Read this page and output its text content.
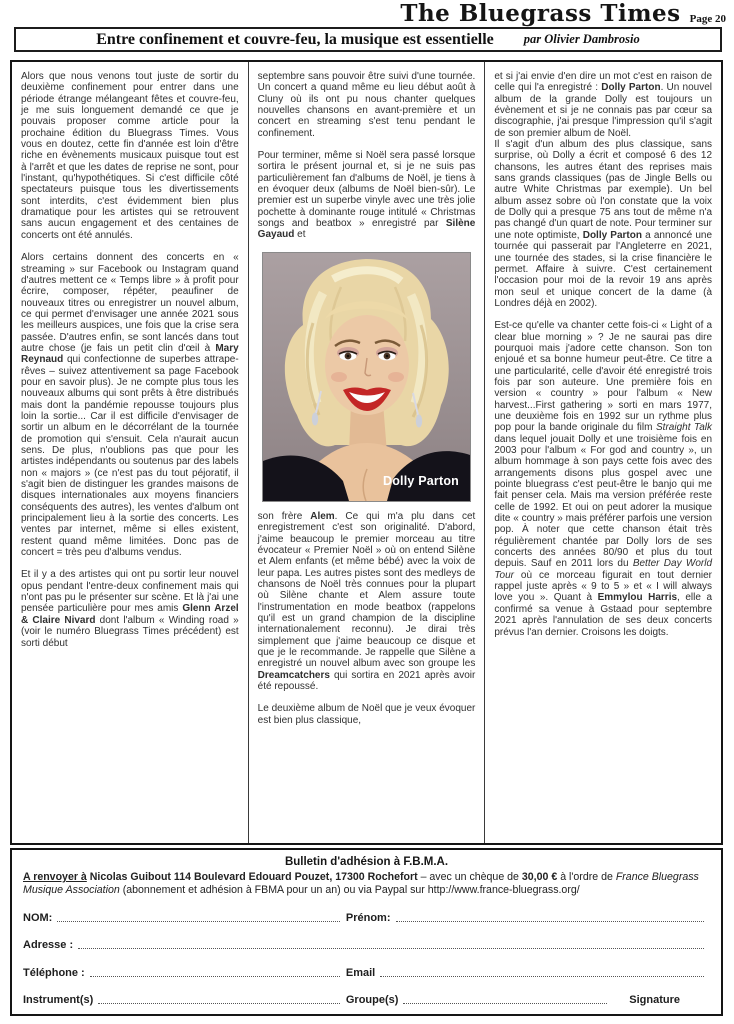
The Bluegrass Times Page 20
Entre confinement et couvre-feu, la musique est essentielle par Olivier Dambrosio

Alors que nous venons tout juste de sortir du deuxième confinement pour entrer dans une période étrange mélangeant fêtes et couvre-feu, je me suis longuement demandé ce que je pouvais proposer comme article pour la prochaine édition du Bluegrass Times. Vous vous en doutez, cette fin d'année est loin d'être riche en évènements musicaux puisque tout est à l'arrêt et que les dates de reprise ne sont, pour l'instant, qu'hypothétiques. Si c'est difficile côté spectateurs puisque tous les divertissements sont interdits, c'est évidemment bien plus dramatique pour les artistes qui se retrouvent sans aucun engagement et des centaines de concerts ont été annulés.

Alors certains donnent des concerts en « streaming » sur Facebook ou Instagram quand d'autres mettent ce « Temps libre » à profit pour écrire, composer, répéter, peaufiner de nouveaux titres ou enregistrer un nouvel album, ce qui permet d'envisager une année 2021 sous les meilleurs auspices, une fois que la crise sera passée. D'autres enfin, se sont lancés dans tout autre chose (je fais un petit clin d'œil à Mary Reynaud qui confectionne de superbes attrape-rêves – suivez attentivement sa page Facebook pour en savoir plus). Je ne compte plus tous les nouveaux albums qui sont prêts à être distribués mais dont la pandémie repousse toujours plus loin la sortie... Car il est difficile d'envisager de sortir un album en le décorrélant de la tournée de promotion qui s'ensuit. Cela n'aurait aucun sens. De plus, n'oublions pas que pour les artistes indépendants ou soutenus par des labels non « majors » (ce n'est pas du tout péjoratif, il s'agit bien de distinguer les grandes maisons de disques internationales aux moyens financiers conséquents des autres), les ventes d'album ont principalement lieu à la sortie des concerts. Les ventes par internet, même si elles existent, restent quand même limitées. Donc pas de concert = très peu d'albums vendus.

Et il y a des artistes qui ont pu sortir leur nouvel opus pendant l'entre-deux confinement mais qui n'ont pas pu le présenter sur scène. Et là j'ai une pensée particulière pour mes amis Glenn Arzel & Claire Nivard dont l'album « Winding road » (voir le numéro Bluegrass Times précédent) est sorti début

septembre sans pouvoir être suivi d'une tournée. Un concert a quand même eu lieu début août à Cluny où ils ont pu nous chanter quelques nouvelles chansons en avant-première et un concert en streaming s'est tenu pendant le confinement.

Pour terminer, même si Noël sera passé lorsque sortira le présent journal et, si je ne suis pas particulièrement fan d'albums de Noël, je tiens à en évoquer deux (albums de Noël bien-sûr). Le premier est un superbe vinyle avec une très jolie pochette à dominante rouge intitulé « Christmas songs and beatbox » enregistré par Silène Gayaud et

Dolly Parton

son frère Alem. Ce qui m'a plu dans cet enregistrement c'est son originalité. D'abord, j'aime beaucoup le premier morceau au titre évocateur « Premier Noël » où on entend Silène et Alem enfants (et même bébé) avec la voix de leur papa. Les autres pistes sont des medleys de chansons de Noël très connues pour la plupart où Silène chante et Alem assure toute l'instrumentation en mode beatbox (rappelons qu'il est un grand champion de la discipline internationalement reconnu). Je dirai très simplement que j'aime beaucoup ce disque et que je le recommande. Je rappelle que Silène a enregistré un nouvel album avec son groupe les Dreamcatchers qui sortira en 2021 après avoir été repoussé.

Le deuxième album de Noël que je veux évoquer est bien plus classique,

et si j'ai envie d'en dire un mot c'est en raison de celle qui l'a enregistré : Dolly Parton. Un nouvel album de la grande Dolly est toujours un évènement et si je ne connais pas par cœur sa discographie, j'ai presque l'impression qu'il s'agit de son premier album de Noël.

Il s'agit d'un album des plus classique, sans surprise, où Dolly a écrit et composé 6 des 12 chansons, les autres étant des reprises mais sans grands classiques (pas de Jingle Bells ou autre White Christmas par exemple). Un bel album assez sobre où l'on constate que la voix de Dolly qui a presque 75 ans tout de même n'a pas changé d'un quart de note. Pour terminer sur une note optimiste, Dolly Parton a annoncé une tournée qui passerait par l'Angleterre en 2021, une tournée des stades, si la crise financière le permet. Affaire à suivre. C'est certainement l'occasion pour moi de la revoir 19 ans après mon seul et unique concert de la dame (à Londres déjà en 2002).

Est-ce qu'elle va chanter cette fois-ci « Light of a clear blue morning » ? Je ne saurai pas dire pourquoi mais j'adore cette chanson. Son ton enjoué et sa bonne humeur peut-être. Ce titre a une particularité, celle d'avoir été enregistré trois fois par son auteure. Une première fois en version « country » pour l'album « New harvest...First gathering » sorti en mars 1977, une deuxième fois en 1992 sur un rythme plus pop pour la bande originale du film Straight Talk dans lequel jouait Dolly et une troisième fois en 2003 pour l'album « For god and country », un album hommage à son pays cette fois avec des arrangements disons plus gospel avec une pointe bluegrass c'est peut-être le banjo qui me fait penser cela. Mais ma version préférée reste celle de 1992. Et oui on peut adorer la musique dite « country » mais préférer parfois une version pop. À noter que cette chanson était très régulièrement chantée par Dolly lors de ses concerts des années 80/90 et plus du tout depuis. Sauf en 2011 lors du Better Day World Tour où ce morceau figurait en tout dernier rappel juste après « 9 to 5 » et « I will always love you ». Quant à Emmylou Harris, elle a confirmé sa venue à Gstaad pour septembre 2021 après l'annulation de ses deux concerts prévus l'an dernier. Croisons les doigts.

Bulletin d'adhésion à F.B.M.A.

A renvoyer à Nicolas Guibout 114 Boulevard Edouard Pouzet, 17300 Rochefort – avec un chèque de 30,00 € à l'ordre de France Bluegrass Musique Association (abonnement et adhésion à FBMA pour un an) ou via Paypal sur http://www.france-bluegrass.org/

NOM:	Prénom:
Adresse :
Téléphone :	Email
Instrument(s)	Groupe(s)	Signature
